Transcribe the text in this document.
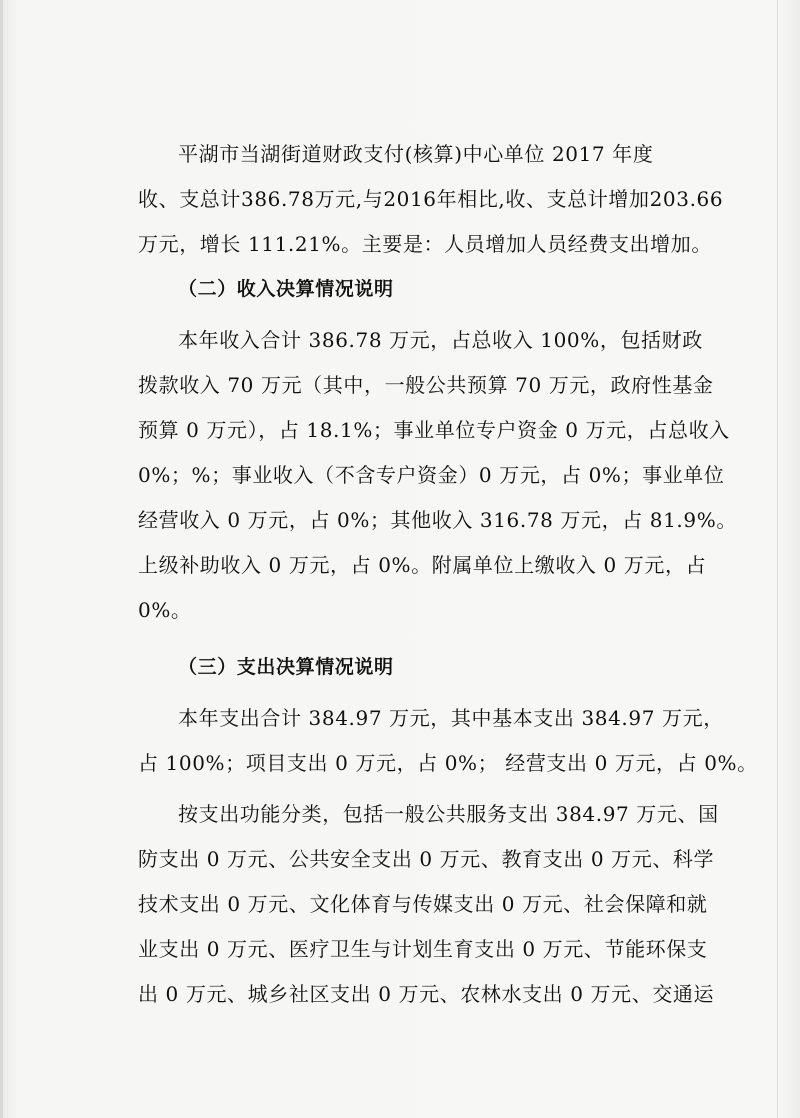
平湖市当湖街道财政支付(核算)中心单位 2017 年度
收、支总计386.78万元,与2016年相比,收、支总计增加203.66
万元，增长 111.21%。主要是：人员增加人员经费支出增加。
（二）收入决算情况说明
本年收入合计 386.78 万元，占总收入 100%，包括财政
拨款收入 70 万元（其中，一般公共预算 70 万元，政府性基金
预算 0 万元），占 18.1%；事业单位专户资金 0 万元，占总收入
0%；%；事业收入（不含专户资金）0 万元，占 0%；事业单位
经营收入 0 万元，占 0%；其他收入 316.78 万元，占 81.9%。
上级补助收入 0 万元，占 0%。附属单位上缴收入 0 万元，占
0%。
（三）支出决算情况说明
本年支出合计 384.97 万元，其中基本支出 384.97 万元，
占 100%；项目支出 0 万元，占 0%； 经营支出 0 万元，占 0%。
按支出功能分类，包括一般公共服务支出 384.97 万元、国
防支出 0 万元、公共安全支出 0 万元、教育支出 0 万元、科学
技术支出 0 万元、文化体育与传媒支出 0 万元、社会保障和就
业支出 0 万元、医疗卫生与计划生育支出 0 万元、节能环保支
出 0 万元、城乡社区支出 0 万元、农林水支出 0 万元、交通运
